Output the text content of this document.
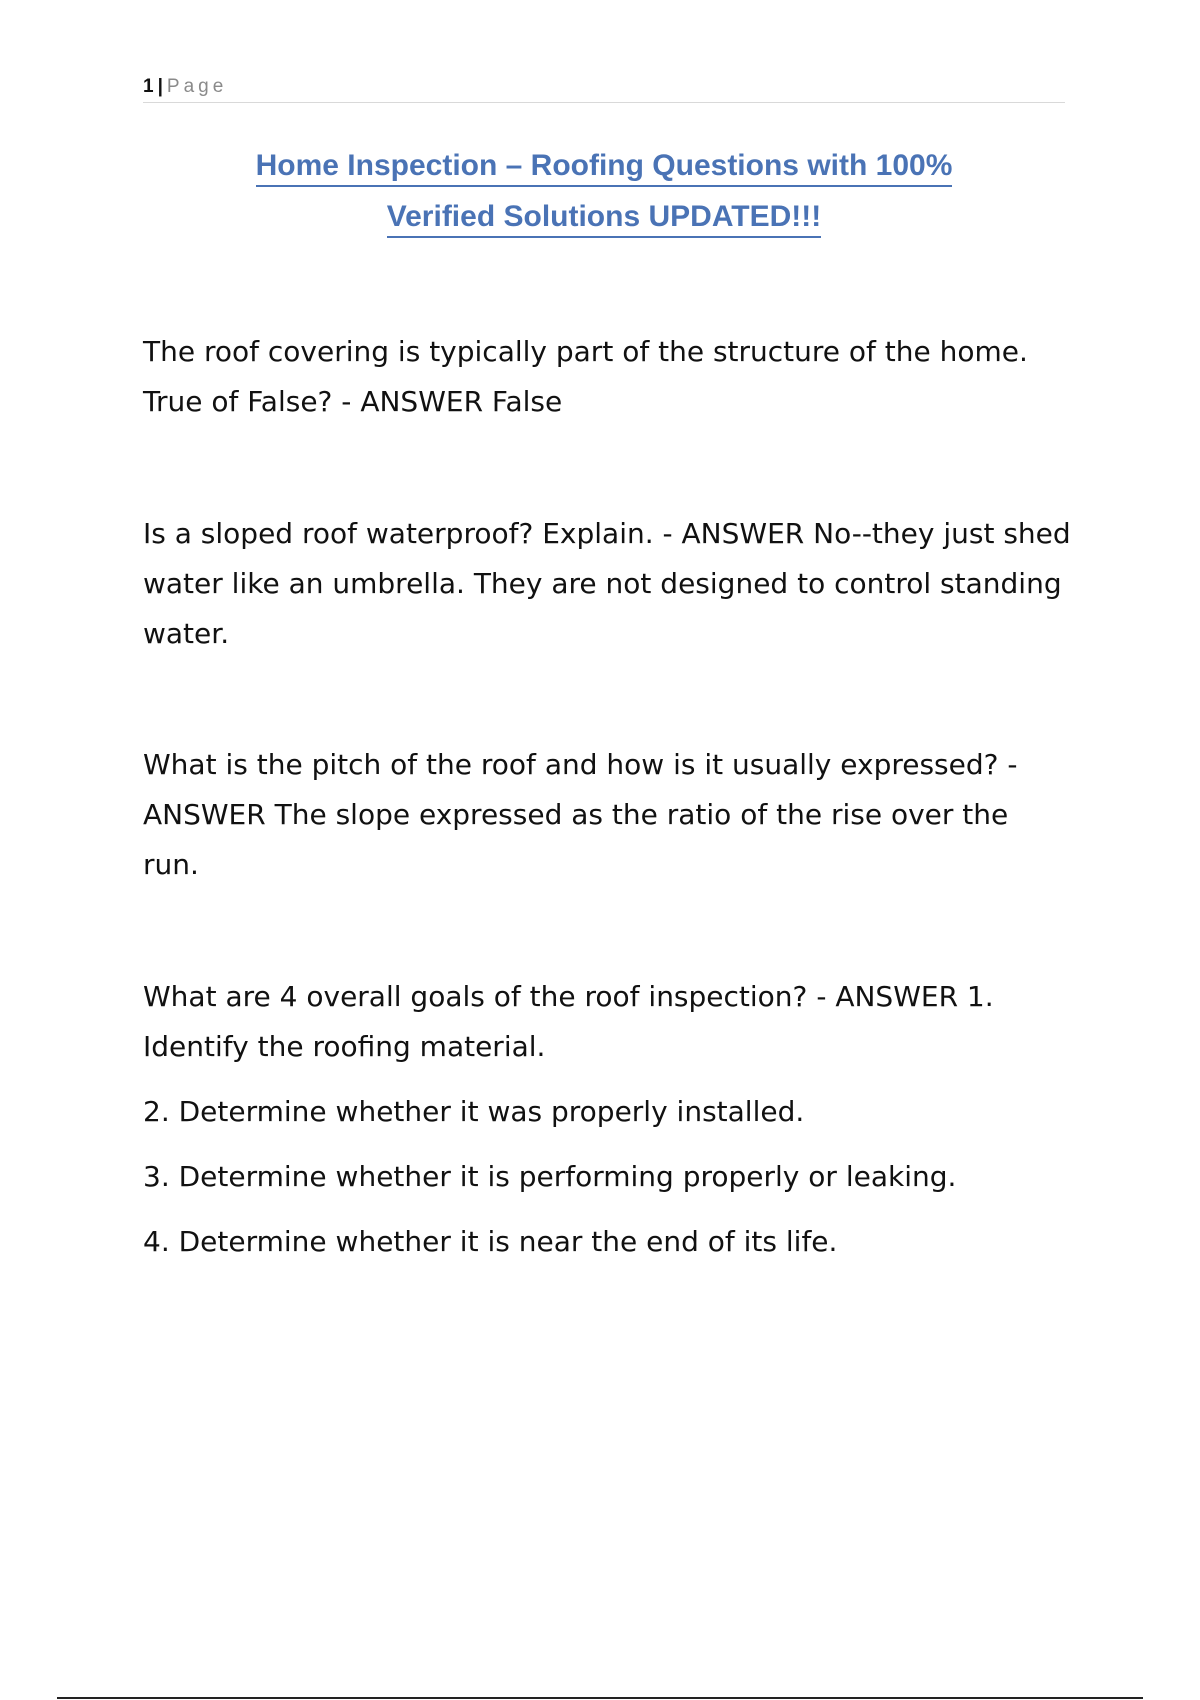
1 | Page
Home Inspection – Roofing Questions with 100%
Verified Solutions UPDATED!!!

The roof covering is typically part of the structure of the home. True of False? - ANSWER False

Is a sloped roof waterproof? Explain. - ANSWER No--they just shed water like an umbrella. They are not designed to control standing water.

What is the pitch of the roof and how is it usually expressed? - ANSWER The slope expressed as the ratio of the rise over the run.

What are 4 overall goals of the roof inspection? - ANSWER 1. Identify the roofing material.

2. Determine whether it was properly installed.

3. Determine whether it is performing properly or leaking.

4. Determine whether it is near the end of its life.
